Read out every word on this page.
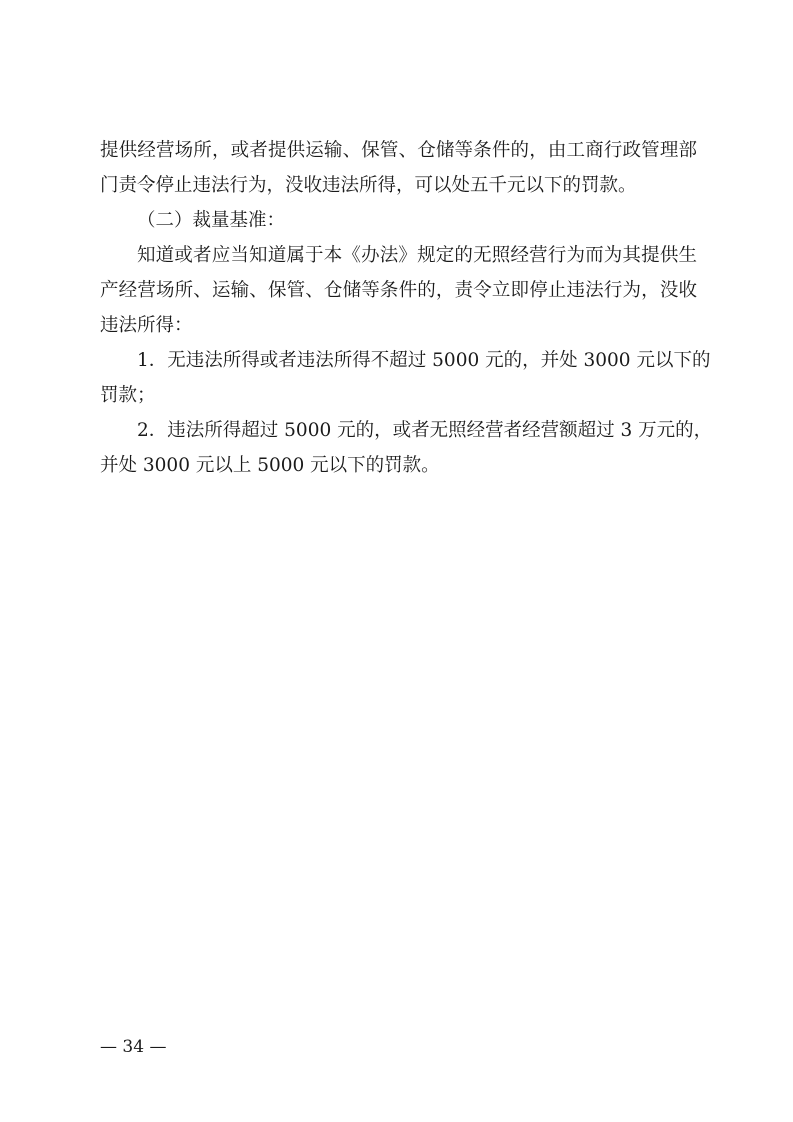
提供经营场所，或者提供运输、保管、仓储等条件的，由工商行政管理部
门责令停止违法行为，没收违法所得，可以处五千元以下的罚款。

（二）裁量基准：

知道或者应当知道属于本《办法》规定的无照经营行为而为其提供生
产经营场所、运输、保管、仓储等条件的，责令立即停止违法行为，没收
违法所得：

1．无违法所得或者违法所得不超过 5000 元的，并处 3000 元以下的
罚款；

2．违法所得超过 5000 元的，或者无照经营者经营额超过 3 万元的，
并处 3000 元以上 5000 元以下的罚款。

— 34 —
